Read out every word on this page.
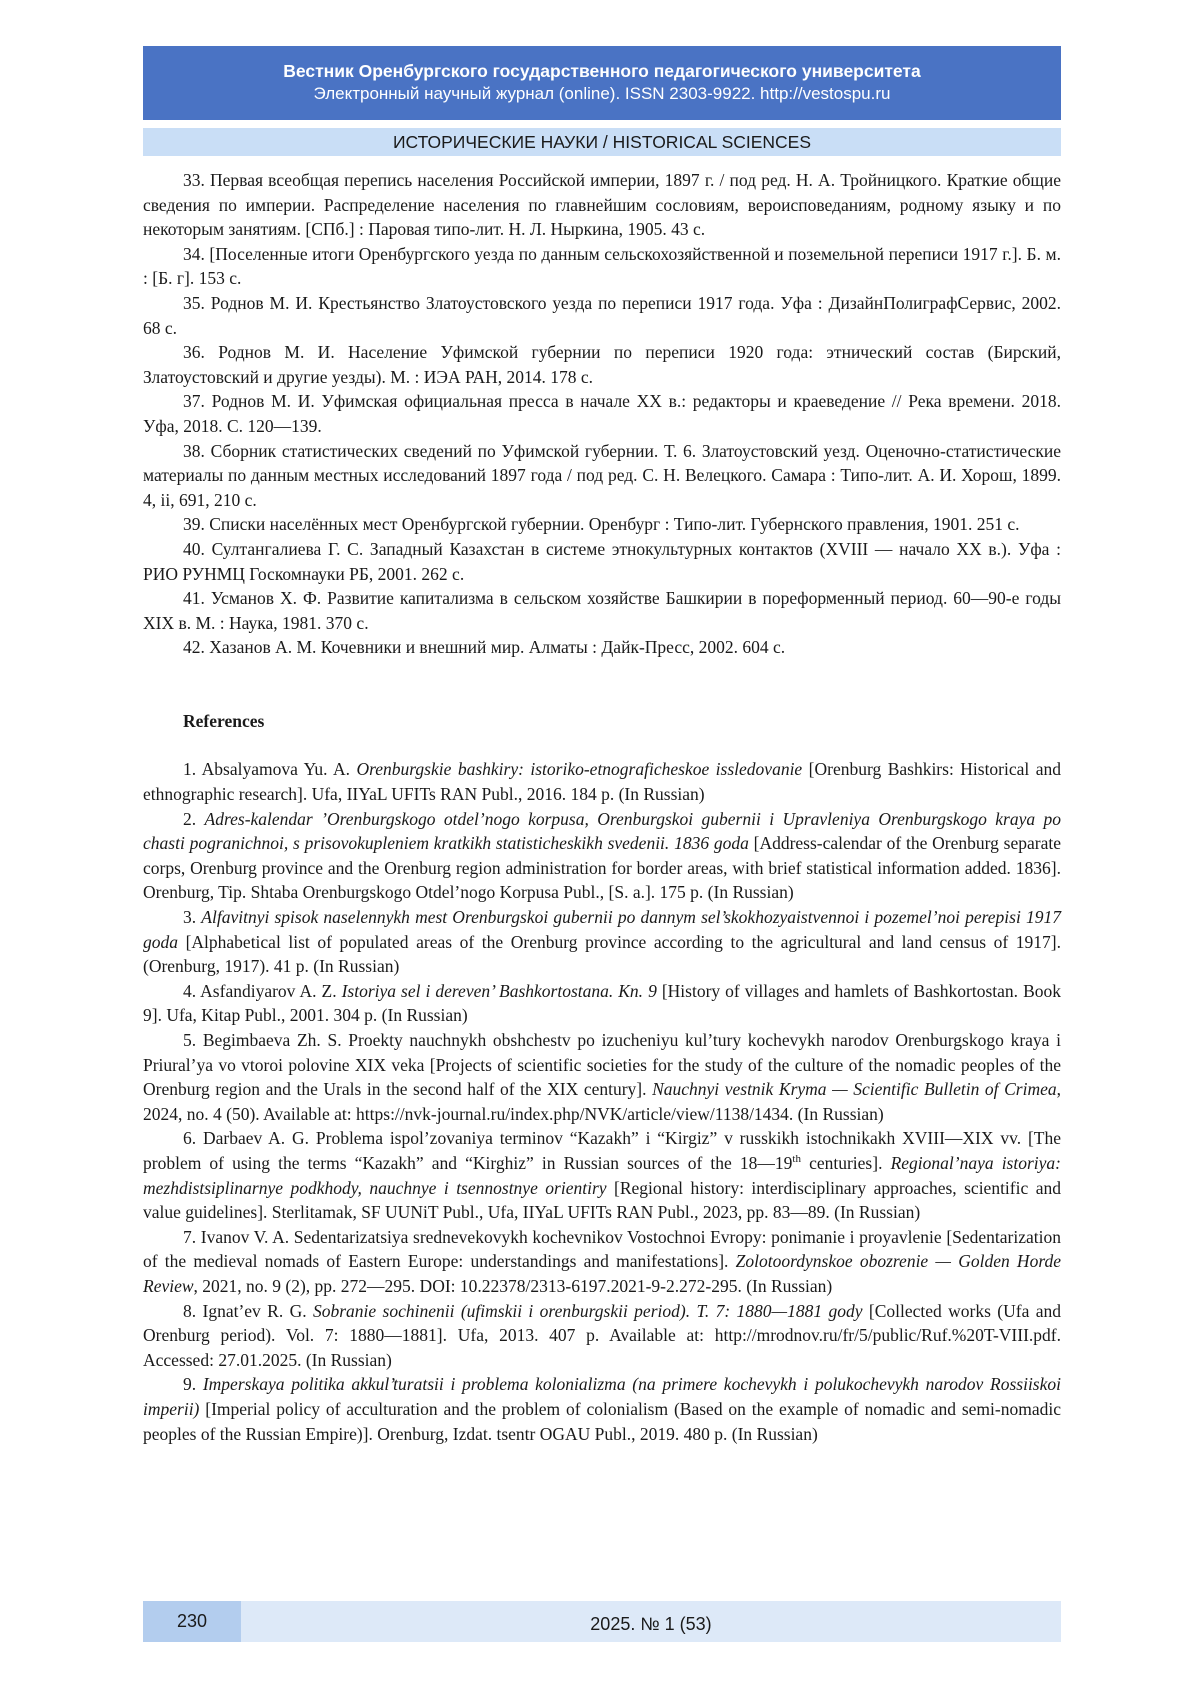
Вестник Оренбургского государственного педагогического университета
Электронный научный журнал (online). ISSN 2303-9922. http://vestospu.ru
ИСТОРИЧЕСКИЕ НАУКИ / HISTORICAL SCIENCES

33. Первая всеобщая перепись населения Российской империи, 1897 г. / под ред. Н. А. Тройницкого. Краткие общие сведения по империи. Распределение населения по главнейшим сословиям, вероисповеданиям, родному языку и по некоторым занятиям. [СПб.] : Паровая типо-лит. Н. Л. Ныркина, 1905. 43 с.

34. [Поселенные итоги Оренбургского уезда по данным сельскохозяйственной и поземельной переписи 1917 г.]. Б. м. : [Б. г]. 153 с.

35. Роднов М. И. Крестьянство Златоустовского уезда по переписи 1917 года. Уфа : ДизайнПолиграфСервис, 2002. 68 с.

36. Роднов М. И. Население Уфимской губернии по переписи 1920 года: этнический состав (Бирский, Златоустовский и другие уезды). М. : ИЭА РАН, 2014. 178 с.

37. Роднов М. И. Уфимская официальная пресса в начале XX в.: редакторы и краеведение // Река времени. 2018. Уфа, 2018. С. 120—139.

38. Сборник статистических сведений по Уфимской губернии. Т. 6. Златоустовский уезд. Оценочно-статистические материалы по данным местных исследований 1897 года / под ред. С. Н. Велецкого. Самара : Типо-лит. А. И. Хорош, 1899. 4, ii, 691, 210 с.

39. Списки населённых мест Оренбургской губернии. Оренбург : Типо-лит. Губернского правления, 1901. 251 с.

40. Султангалиева Г. С. Западный Казахстан в системе этнокультурных контактов (XVIII — начало XX в.). Уфа : РИО РУНМЦ Госкомнауки РБ, 2001. 262 с.

41. Усманов Х. Ф. Развитие капитализма в сельском хозяйстве Башкирии в пореформенный период. 60—90-е годы XIX в. М. : Наука, 1981. 370 с.

42. Хазанов А. М. Кочевники и внешний мир. Алматы : Дайк-Пресс, 2002. 604 с.

References

1. Absalyamova Yu. A. Orenburgskie bashkiry: istoriko-etnograficheskoe issledovanie [Orenburg Bashkirs: Historical and ethnographic research]. Ufa, IIYaL UFITs RAN Publ., 2016. 184 p. (In Russian)

2. Adres-kalendar ’Orenburgskogo otdel’nogo korpusa, Orenburgskoi gubernii i Upravleniya Orenburgskogo kraya po chasti pogranichnoi, s prisovokupleniem kratkikh statisticheskikh svedenii. 1836 goda [Address-calendar of the Orenburg separate corps, Orenburg province and the Orenburg region administration for border areas, with brief statistical information added. 1836]. Orenburg, Tip. Shtaba Orenburgskogo Otdel’nogo Korpusa Publ., [S. a.]. 175 p. (In Russian)

3. Alfavitnyi spisok naselennykh mest Orenburgskoi gubernii po dannym sel’skokhozyaistvennoi i pozemel’noi perepisi 1917 goda [Alphabetical list of populated areas of the Orenburg province according to the agricultural and land census of 1917]. (Orenburg, 1917). 41 p. (In Russian)

4. Asfandiyarov A. Z. Istoriya sel i dereven’ Bashkortostana. Kn. 9 [History of villages and hamlets of Bashkortostan. Book 9]. Ufa, Kitap Publ., 2001. 304 p. (In Russian)

5. Begimbaeva Zh. S. Proekty nauchnykh obshchestv po izucheniyu kul’tury kochevykh narodov Orenburgskogo kraya i Priural’ya vo vtoroi polovine XIX veka [Projects of scientific societies for the study of the culture of the nomadic peoples of the Orenburg region and the Urals in the second half of the XIX century]. Nauchnyi vestnik Kryma — Scientific Bulletin of Crimea, 2024, no. 4 (50). Available at: https://nvk-journal.ru/index.php/NVK/article/view/1138/1434. (In Russian)

6. Darbaev A. G. Problema ispol’zovaniya terminov “Kazakh” i “Kirgiz” v russkikh istochnikakh XVIII—XIX vv. [The problem of using the terms “Kazakh” and “Kirghiz” in Russian sources of the 18—19th centuries]. Regional’naya istoriya: mezhdistsiplinarnye podkhody, nauchnye i tsennostnye orientiry [Regional history: interdisciplinary approaches, scientific and value guidelines]. Sterlitamak, SF UUNiT Publ., Ufa, IIYaL UFITs RAN Publ., 2023, pp. 83—89. (In Russian)

7. Ivanov V. A. Sedentarizatsiya srednevekovykh kochevnikov Vostochnoi Evropy: ponimanie i proyavlenie [Sedentarization of the medieval nomads of Eastern Europe: understandings and manifestations]. Zolotoordynskoe obozrenie — Golden Horde Review, 2021, no. 9 (2), pp. 272—295. DOI: 10.22378/2313-6197.2021-9-2.272-295. (In Russian)

8. Ignat’ev R. G. Sobranie sochinenii (ufimskii i orenburgskii period). T. 7: 1880—1881 gody [Collected works (Ufa and Orenburg period). Vol. 7: 1880—1881]. Ufa, 2013. 407 p. Available at: http://mrodnov.ru/fr/5/public/Ruf.%20T-VIII.pdf. Accessed: 27.01.2025. (In Russian)

9. Imperskaya politika akkul’turatsii i problema kolonializma (na primere kochevykh i polukochevykh narodov Rossiiskoi imperii) [Imperial policy of acculturation and the problem of colonialism (Based on the example of nomadic and semi-nomadic peoples of the Russian Empire)]. Orenburg, Izdat. tsentr OGAU Publ., 2019. 480 p. (In Russian)

230	2025. № 1 (53)
